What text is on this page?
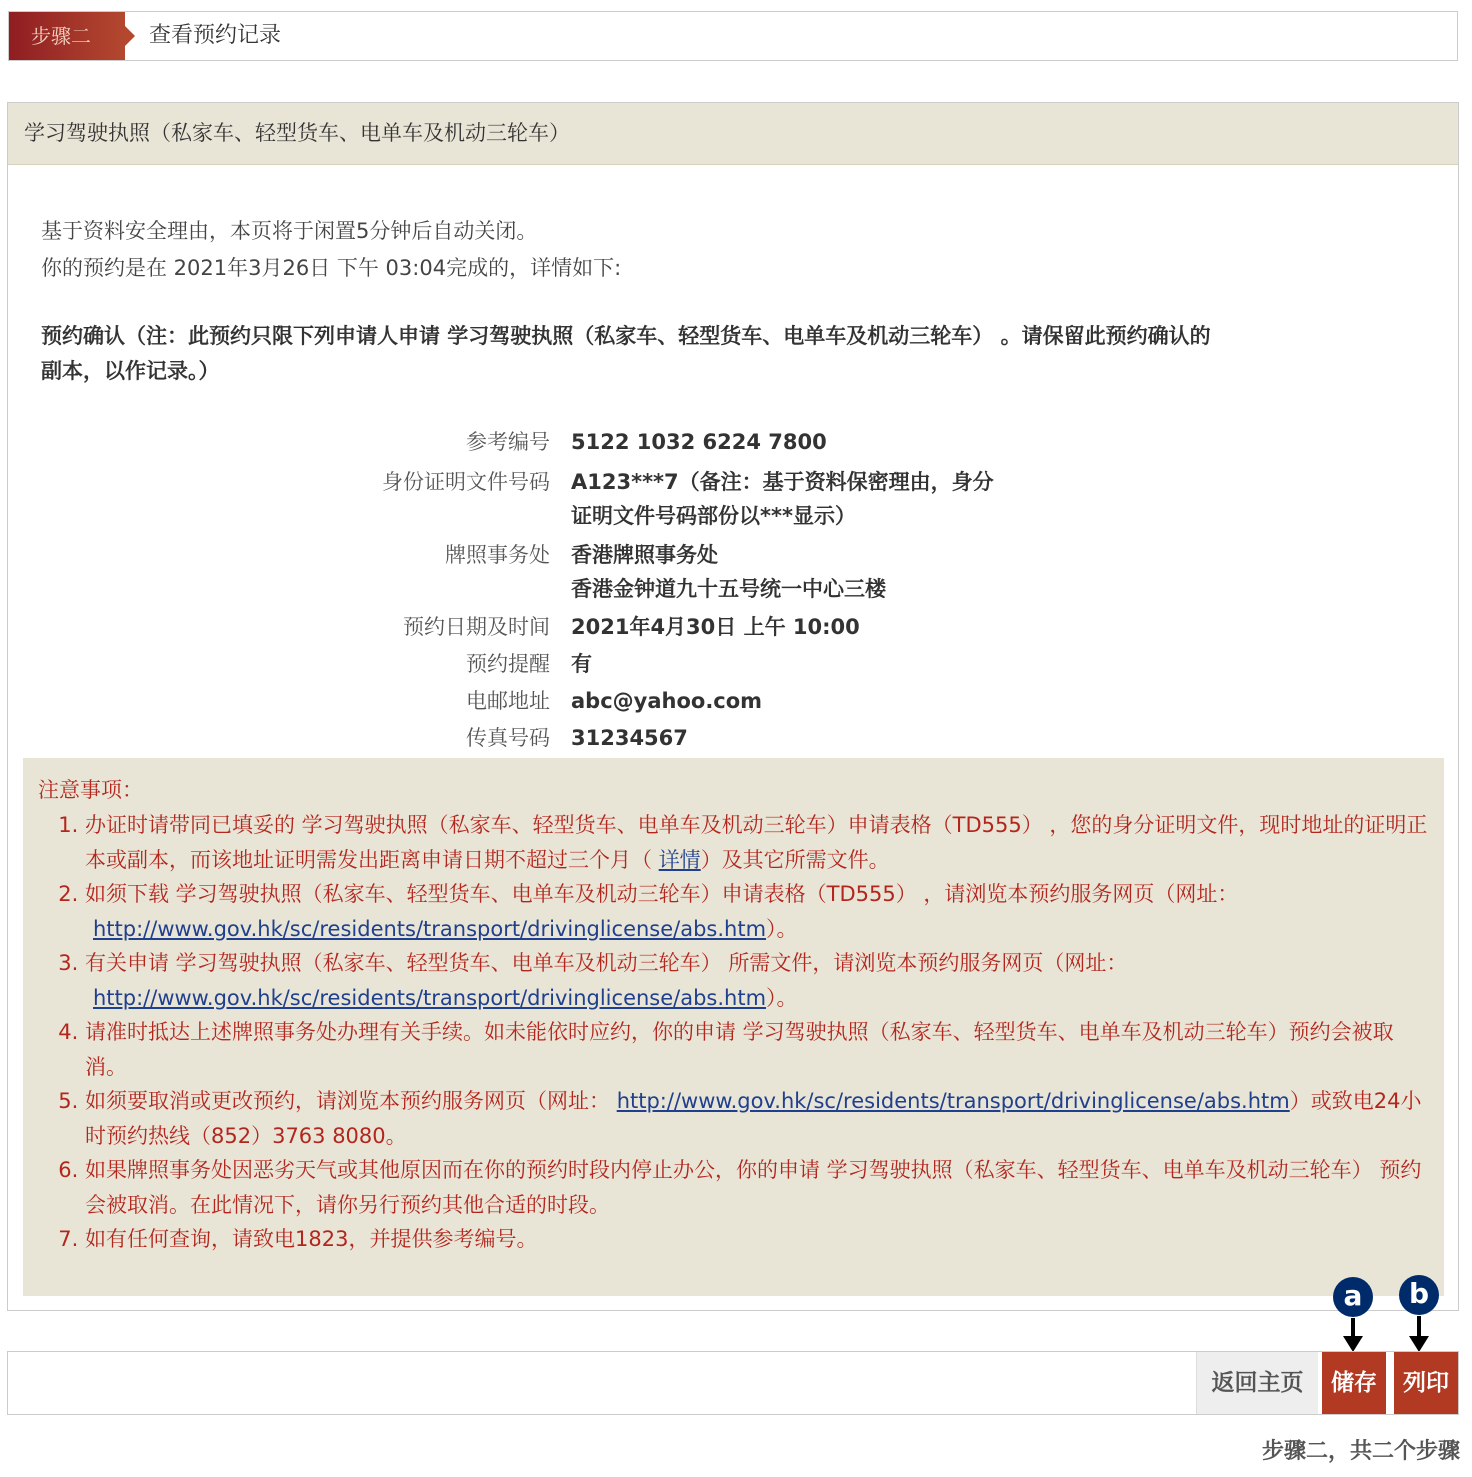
步骤二	查看预约记录
学习驾驶执照（私家车、轻型货车、电单车及机动三轮车）
基于资料安全理由，本页将于闲置5分钟后自动关闭。
你的预约是在 2021年3月26日 下午 03:04完成的，详情如下:
预约确认（注：此预约只限下列申请人申请 学习驾驶执照（私家车、轻型货车、电单车及机动三轮车） 。请保留此预约确认的
副本，以作记录。）
参考编号 5122 1032 6224 7800
身份证明文件号码 A123***7（备注：基于资料保密理由，身分
证明文件号码部份以***显示）
牌照事务处 香港牌照事务处
香港金钟道九十五号统一中心三楼
预约日期及时间 2021年4月30日 上午 10:00
预约提醒 有
电邮地址 abc@yahoo.com
传真号码 31234567
注意事项：
1. 办证时请带同已填妥的 学习驾驶执照（私家车、轻型货车、电单车及机动三轮车）申请表格（TD555） ，您的身分证明文件，现时地址的证明正本或副本，而该地址证明需发出距离申请日期不超过三个月（ 详情）及其它所需文件。
2. 如须下载 学习驾驶执照（私家车、轻型货车、电单车及机动三轮车）申请表格（TD555） ，请浏览本预约服务网页（网址：
http://www.gov.hk/sc/residents/transport/drivinglicense/abs.htm）。
3. 有关申请 学习驾驶执照（私家车、轻型货车、电单车及机动三轮车） 所需文件，请浏览本预约服务网页（网址：
http://www.gov.hk/sc/residents/transport/drivinglicense/abs.htm）。
4. 请准时抵达上述牌照事务处办理有关手续。如未能依时应约，你的申请 学习驾驶执照（私家车、轻型货车、电单车及机动三轮车）预约会被取消。
5. 如须要取消或更改预约，请浏览本预约服务网页（网址： http://www.gov.hk/sc/residents/transport/drivinglicense/abs.htm）或致电24小时预约热线（852）3763 8080。
6. 如果牌照事务处因恶劣天气或其他原因而在你的预约时段内停止办公，你的申请 学习驾驶执照（私家车、轻型货车、电单车及机动三轮车） 预约会被取消。在此情况下，请你另行预约其他合适的时段。
7. 如有任何查询，请致电1823，并提供参考编号。
a	b
返回主页	储存	列印
步骤二，共二个步骤
